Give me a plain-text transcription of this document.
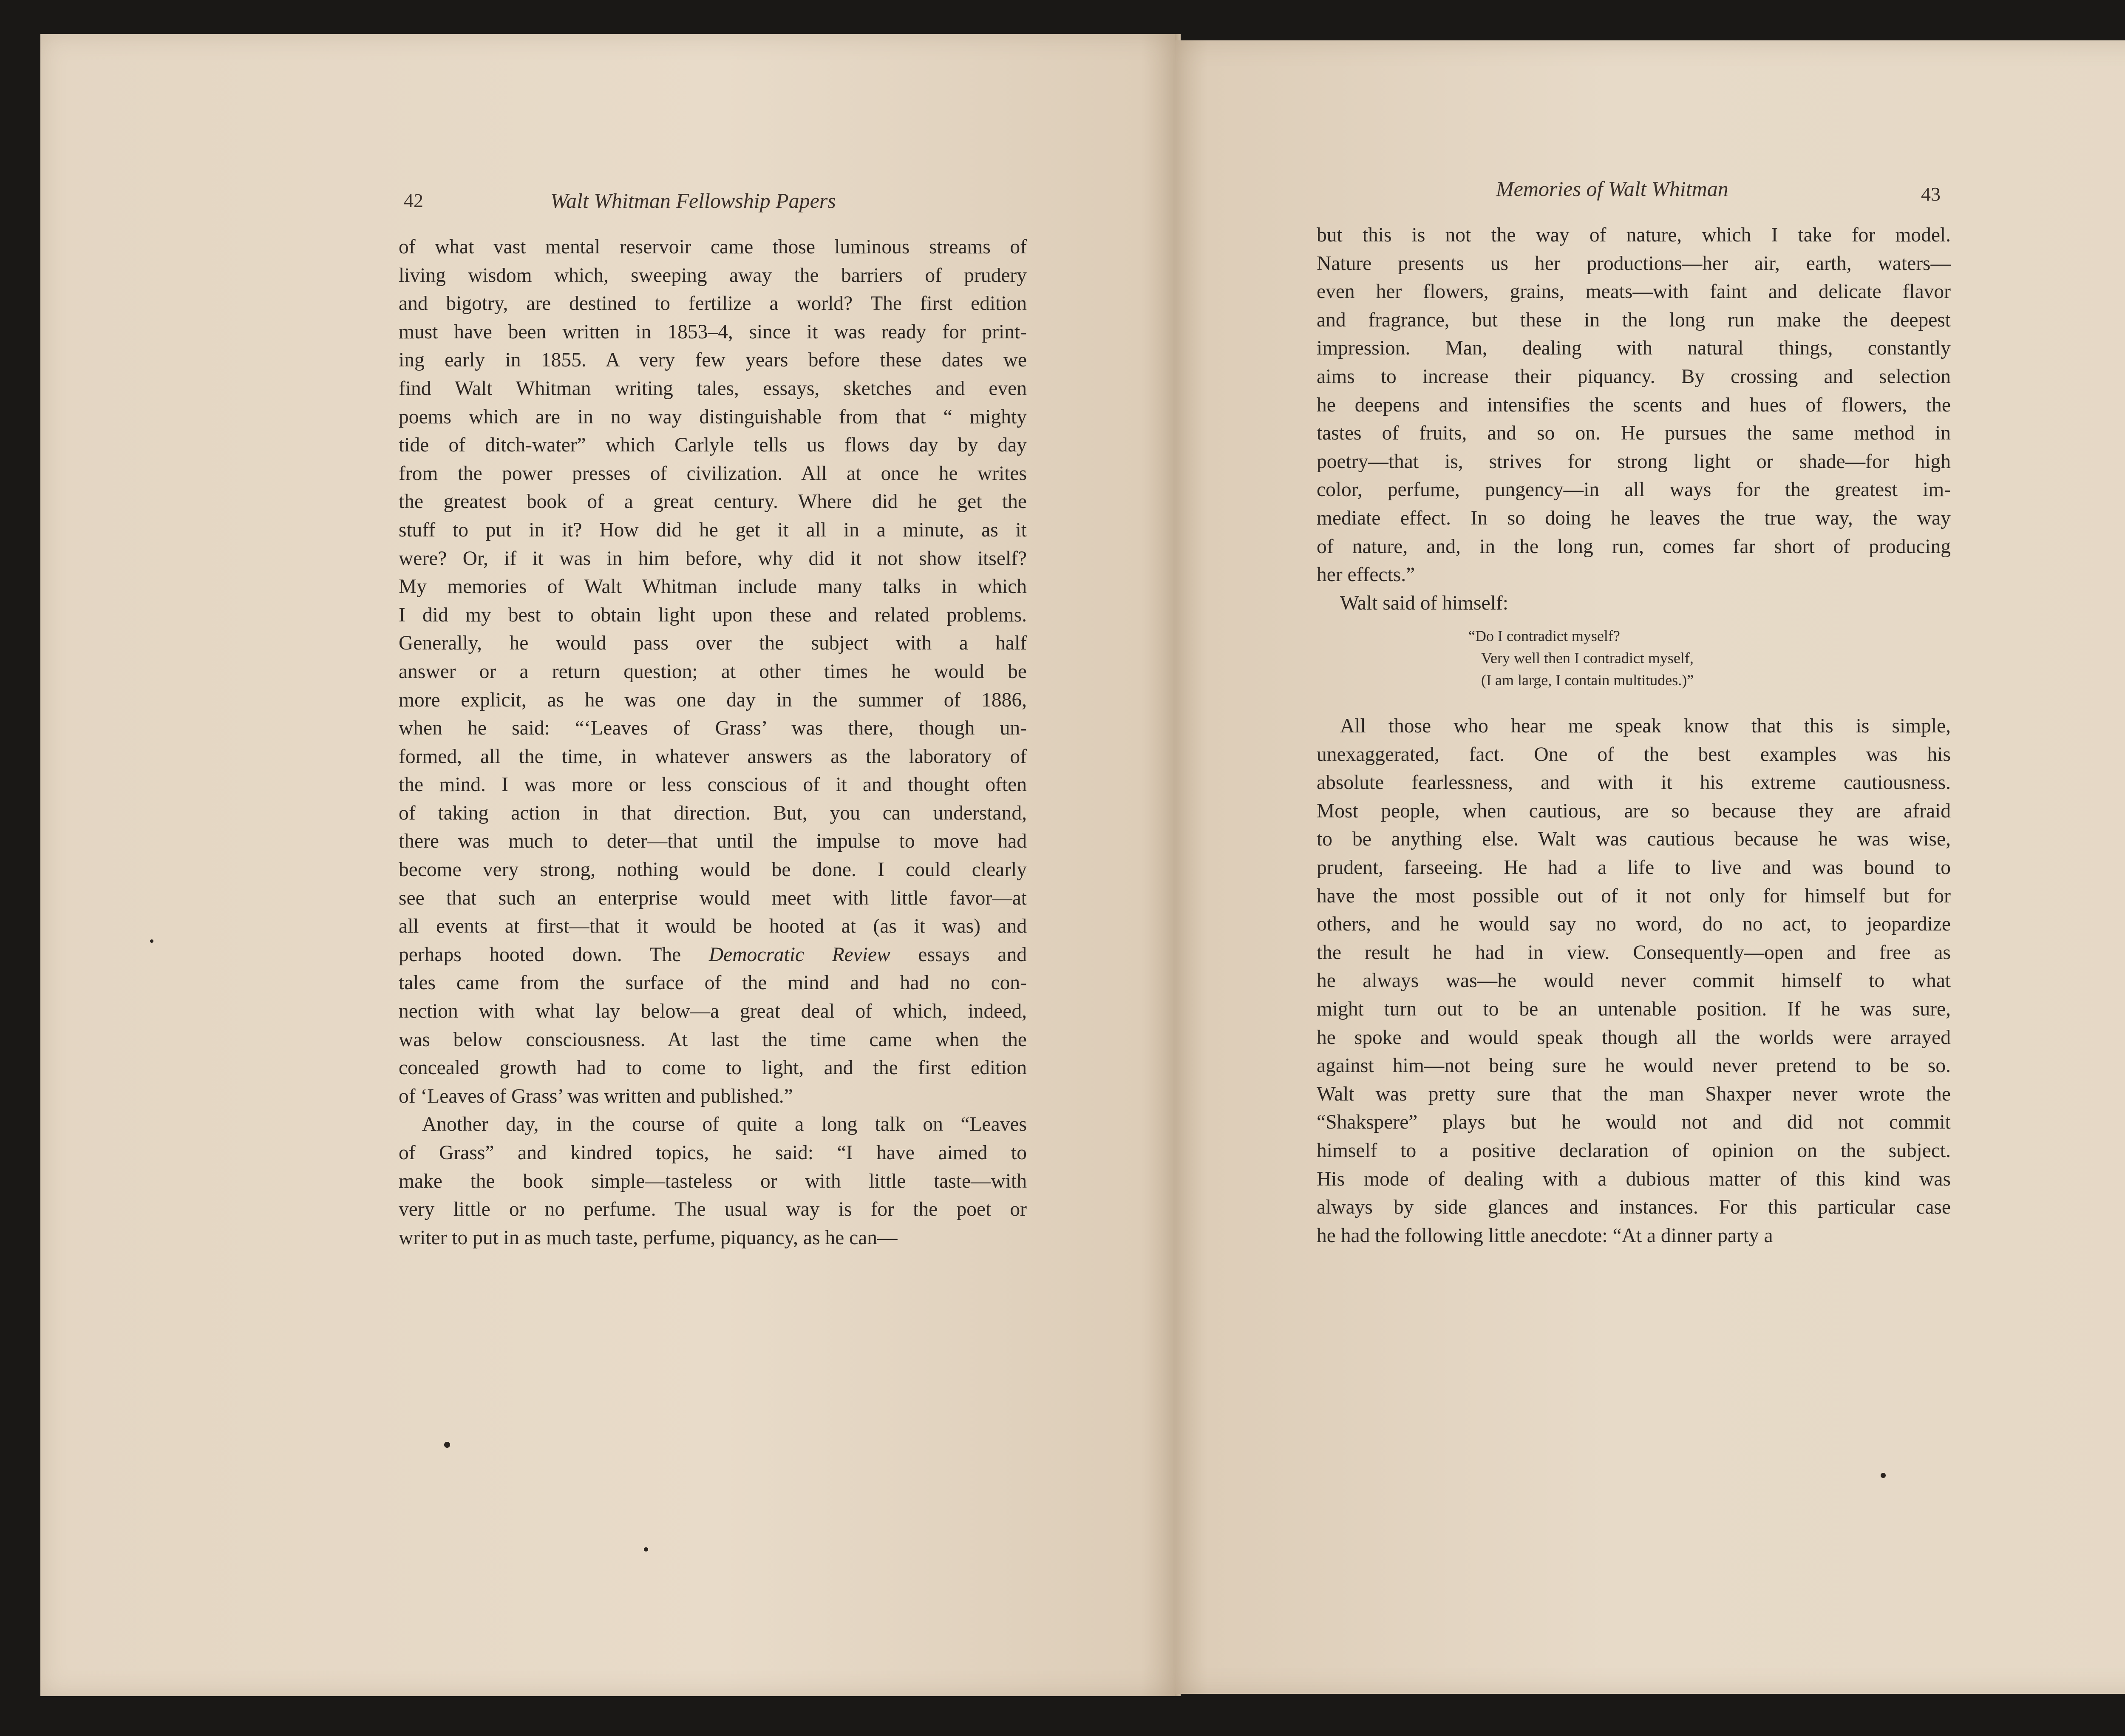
42	Walt Whitman Fellowship Papers
of what vast mental reservoir came those luminous streams of
living wisdom which, sweeping away the barriers of prudery
and bigotry, are destined to fertilize a world? The first edition
must have been written in 1853–4, since it was ready for print-
ing early in 1855. A very few years before these dates we
find Walt Whitman writing tales, essays, sketches and even
poems which are in no way distinguishable from that “ mighty
tide of ditch-water” which Carlyle tells us flows day by day
from the power presses of civilization. All at once he writes
the greatest book of a great century. Where did he get the
stuff to put in it? How did he get it all in a minute, as it
were? Or, if it was in him before, why did it not show itself?
My memories of Walt Whitman include many talks in which
I did my best to obtain light upon these and related problems.
Generally, he would pass over the subject with a half
answer or a return question; at other times he would be
more explicit, as he was one day in the summer of 1886,
when he said: “‘Leaves of Grass’ was there, though un-
formed, all the time, in whatever answers as the laboratory of
the mind. I was more or less conscious of it and thought often
of taking action in that direction. But, you can understand,
there was much to deter—that until the impulse to move had
become very strong, nothing would be done. I could clearly
see that such an enterprise would meet with little favor—at
all events at first—that it would be hooted at (as it was) and
perhaps hooted down. The Democratic Review essays and
tales came from the surface of the mind and had no con-
nection with what lay below—a great deal of which, indeed,
was below consciousness. At last the time came when the
concealed growth had to come to light, and the first edition
of ‘Leaves of Grass’ was written and published.”
Another day, in the course of quite a long talk on “Leaves
of Grass” and kindred topics, he said: “I have aimed to
make the book simple—tasteless or with little taste—with
very little or no perfume. The usual way is for the poet or
writer to put in as much taste, perfume, piquancy, as he can—
Memories of Walt Whitman	43
but this is not the way of nature, which I take for model.
Nature presents us her productions—her air, earth, waters—
even her flowers, grains, meats—with faint and delicate flavor
and fragrance, but these in the long run make the deepest
impression. Man, dealing with natural things, constantly
aims to increase their piquancy. By crossing and selection
he deepens and intensifies the scents and hues of flowers, the
tastes of fruits, and so on. He pursues the same method in
poetry—that is, strives for strong light or shade—for high
color, perfume, pungency—in all ways for the greatest im-
mediate effect. In so doing he leaves the true way, the way
of nature, and, in the long run, comes far short of producing
her effects.”
Walt said of himself:
“Do I contradict myself?
Very well then I contradict myself,
(I am large, I contain multitudes.)”
All those who hear me speak know that this is simple,
unexaggerated, fact. One of the best examples was his
absolute fearlessness, and with it his extreme cautiousness.
Most people, when cautious, are so because they are afraid
to be anything else. Walt was cautious because he was wise,
prudent, farseeing. He had a life to live and was bound to
have the most possible out of it not only for himself but for
others, and he would say no word, do no act, to jeopardize
the result he had in view. Consequently—open and free as
he always was—he would never commit himself to what
might turn out to be an untenable position. If he was sure,
he spoke and would speak though all the worlds were arrayed
against him—not being sure he would never pretend to be so.
Walt was pretty sure that the man Shaxper never wrote the
“Shakspere” plays but he would not and did not commit
himself to a positive declaration of opinion on the subject.
His mode of dealing with a dubious matter of this kind was
always by side glances and instances. For this particular case
he had the following little anecdote: “At a dinner party a
